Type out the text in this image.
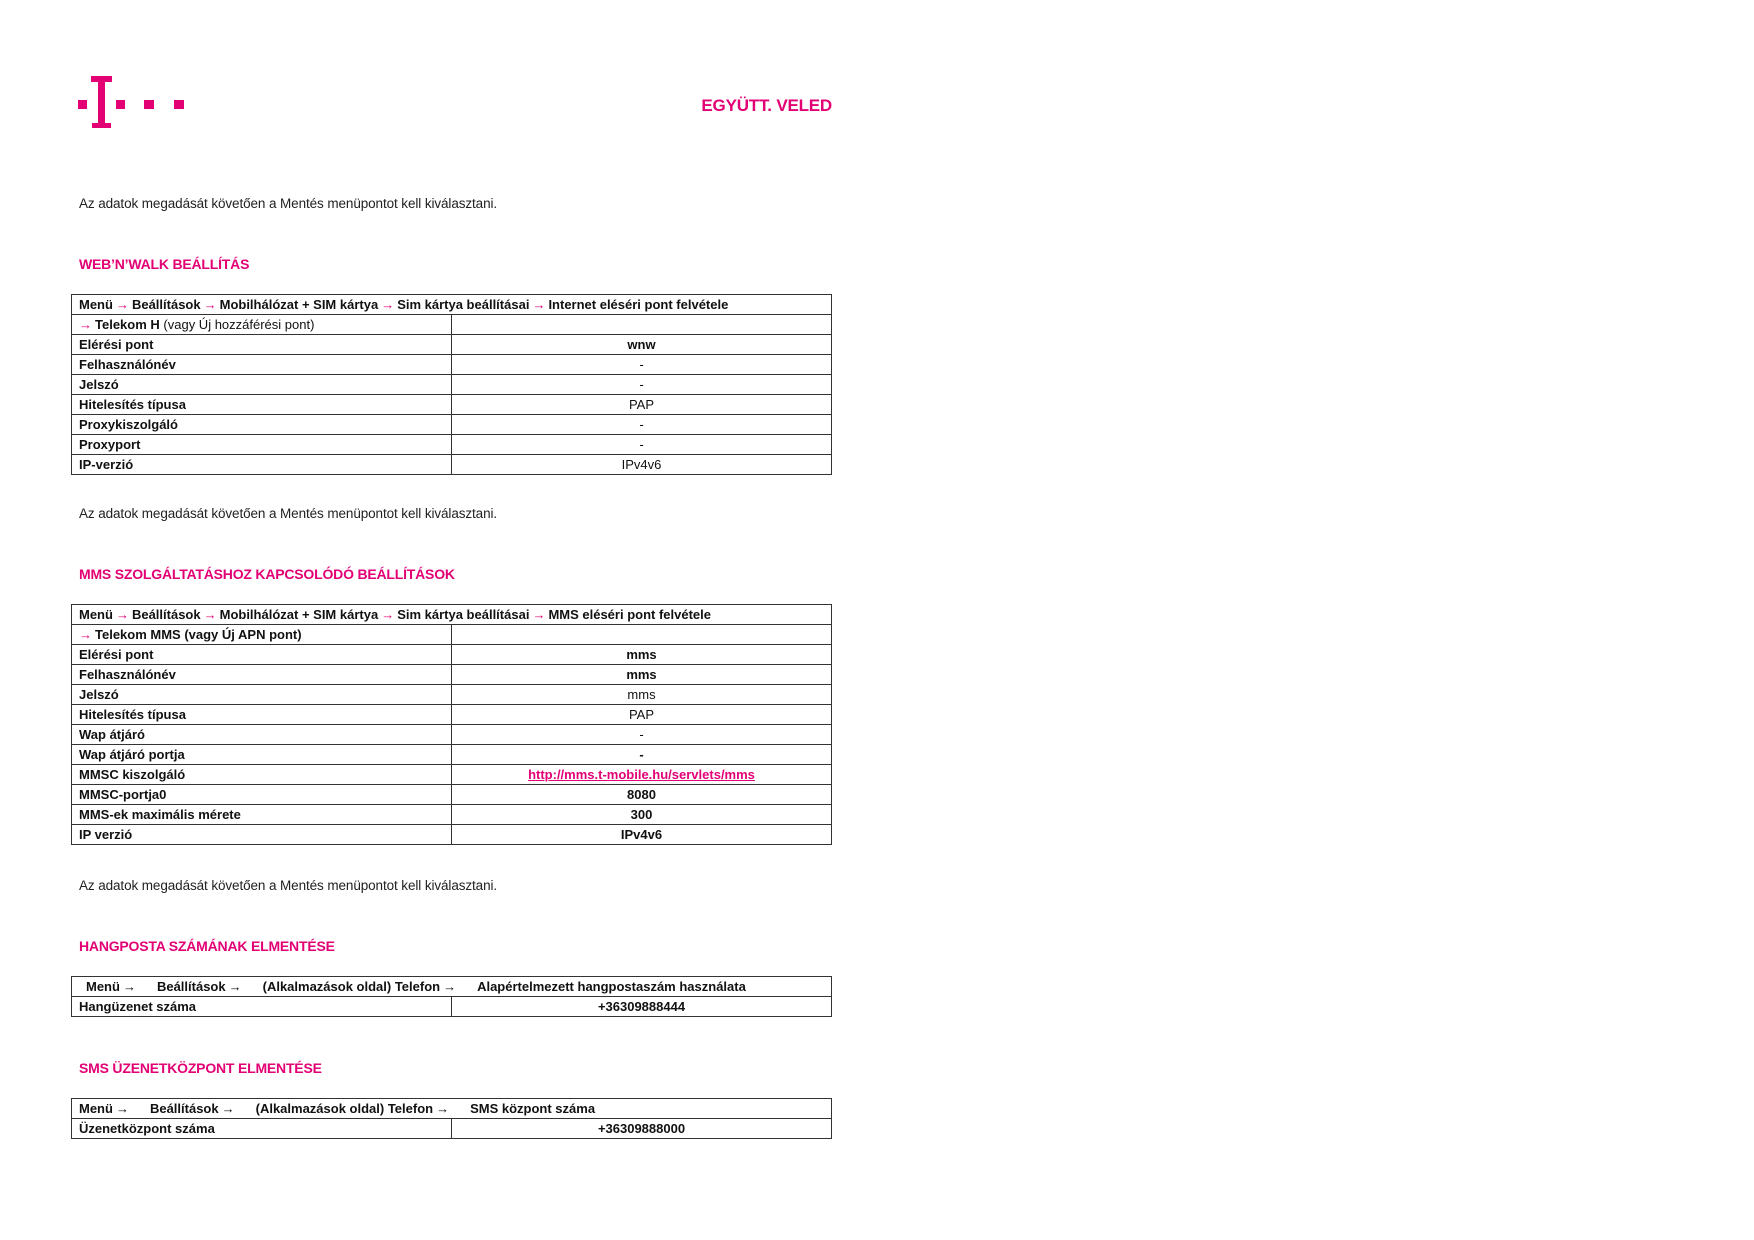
EGYÜTT. VELED
Az adatok megadását követően a Mentés menüpontot kell kiválasztani.
WEB’N’WALK BEÁLLÍTÁS
Menü → Beállítások → Mobilhálózat + SIM kártya → Sim kártya beállításai → Internet eléséri pont felvétele	
→ Telekom H (vagy Új hozzáférési pont)	
Elérési pont	wnw
Felhasználónév	-
Jelszó	-
Hitelesítés típusa	PAP
Proxykiszolgáló	-
Proxyport	-
IP-verzió	IPv4v6
Az adatok megadását követően a Mentés menüpontot kell kiválasztani.
MMS SZOLGÁLTATÁSHOZ KAPCSOLÓDÓ BEÁLLÍTÁSOK
Menü → Beállítások → Mobilhálózat + SIM kártya → Sim kártya beállításai → MMS eléséri pont felvétele	
→ Telekom MMS (vagy Új APN pont)	
Elérési pont	mms
Felhasználónév	mms
Jelszó	mms
Hitelesítés típusa	PAP
Wap átjáró	-
Wap átjáró portja	-
MMSC kiszolgáló	http://mms.t-mobile.hu/servlets/mms
MMSC-portja0	8080
MMS-ek maximális mérete	300
IP verzió	IPv4v6
Az adatok megadását követően a Mentés menüpontot kell kiválasztani.
HANGPOSTA SZÁMÁNAK ELMENTÉSE
Menü → Beállítások → (Alkalmazások oldal) Telefon → Alapértelmezett hangpostaszám használata
Hangüzenet száma	+36309888444
SMS ÜZENETKÖZPONT ELMENTÉSE
Menü → Beállítások → (Alkalmazások oldal) Telefon → SMS központ száma
Üzenetközpont száma	+36309888000
